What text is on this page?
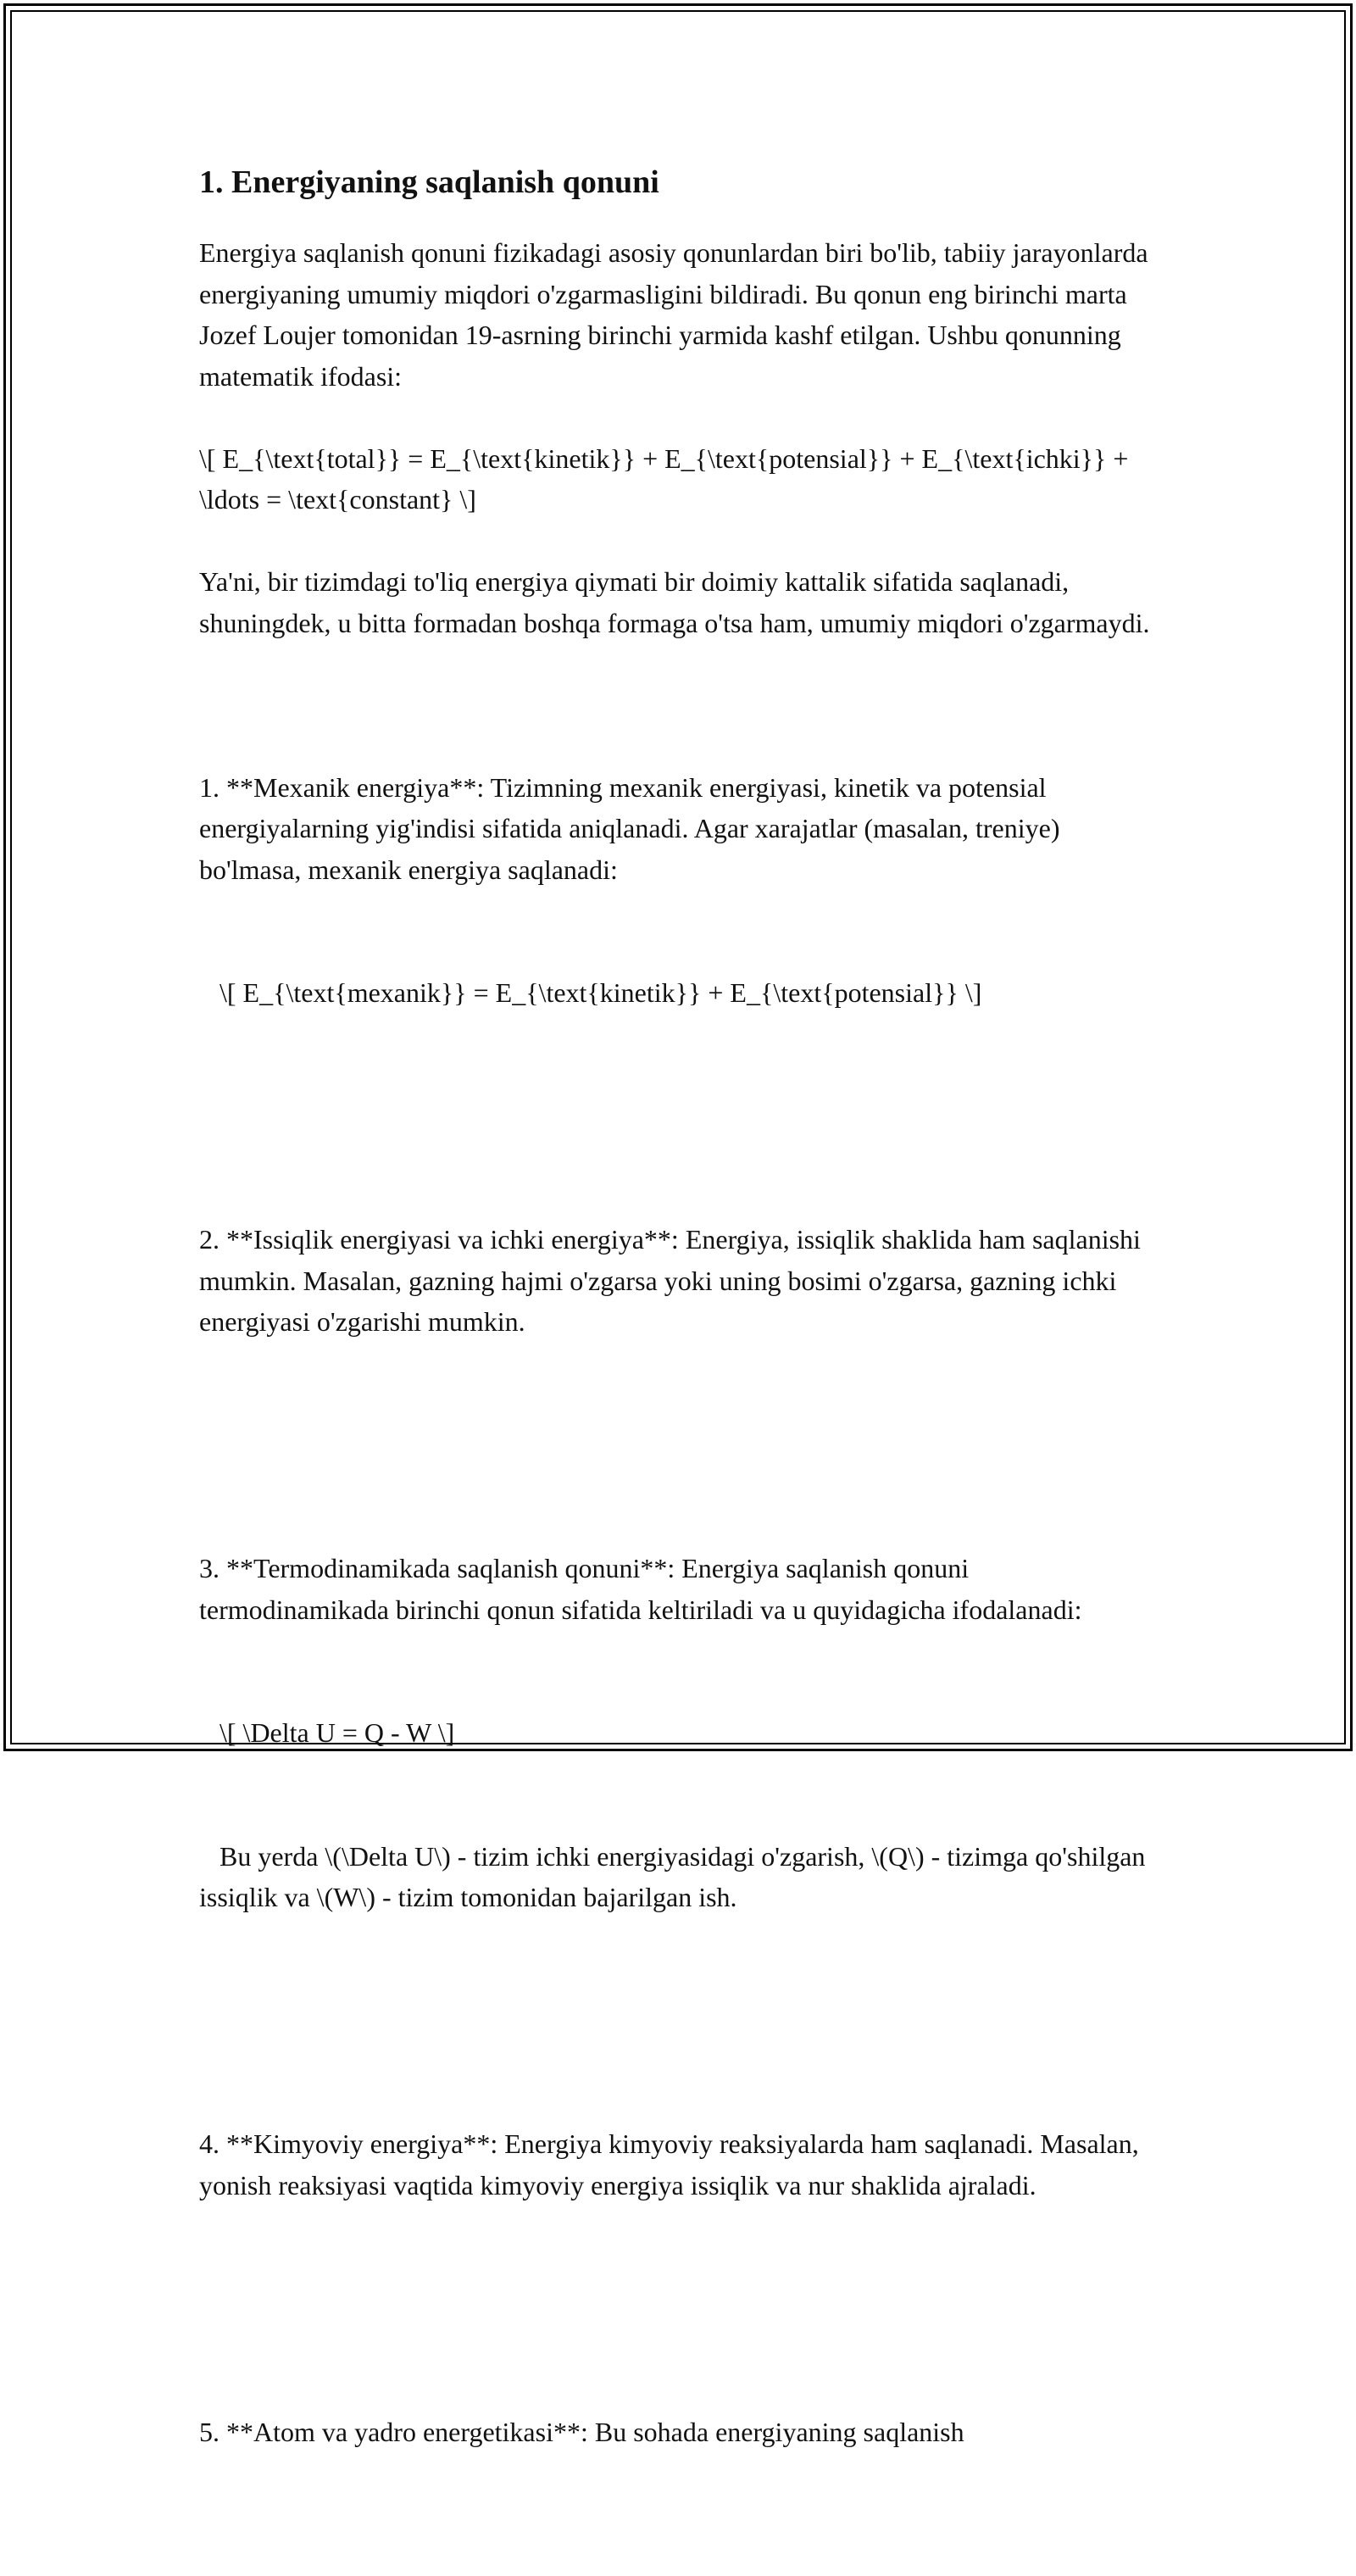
1. Energiyaning saqlanish qonuni

Energiya saqlanish qonuni fizikadagi asosiy qonunlardan biri bo'lib, tabiiy jarayonlarda energiyaning umumiy miqdori o'zgarmasligini bildiradi. Bu qonun eng birinchi marta Jozef Loujer tomonidan 19-asrning birinchi yarmida kashf etilgan. Ushbu qonunning matematik ifodasi:

\[ E_{\text{total}} = E_{\text{kinetik}} + E_{\text{potensial}} + E_{\text{ichki}} + \ldots = \text{constant} \]

Ya'ni, bir tizimdagi to'liq energiya qiymati bir doimiy kattalik sifatida saqlanadi, shuningdek, u bitta formadan boshqa formaga o'tsa ham, umumiy miqdori o'zgarmaydi.

1. **Mexanik energiya**: Tizimning mexanik energiyasi, kinetik va potensial energiyalarning yig'indisi sifatida aniqlanadi. Agar xarajatlar (masalan, treniye) bo'lmasa, mexanik energiya saqlanadi:

\[ E_{\text{mexanik}} = E_{\text{kinetik}} + E_{\text{potensial}} \]

2. **Issiqlik energiyasi va ichki energiya**: Energiya, issiqlik shaklida ham saqlanishi mumkin. Masalan, gazning hajmi o'zgarsa yoki uning bosimi o'zgarsa, gazning ichki energiyasi o'zgarishi mumkin.

3. **Termodinamikada saqlanish qonuni**: Energiya saqlanish qonuni termodinamikada birinchi qonun sifatida keltiriladi va u quyidagicha ifodalanadi:

\[ \Delta U = Q - W \]

Bu yerda \(\Delta U\) - tizim ichki energiyasidagi o'zgarish, \(Q\) - tizimga qo'shilgan issiqlik va \(W\) - tizim tomonidan bajarilgan ish.

4. **Kimyoviy energiya**: Energiya kimyoviy reaksiyalarda ham saqlanadi. Masalan, yonish reaksiyasi vaqtida kimyoviy energiya issiqlik va nur shaklida ajraladi.

5. **Atom va yadro energetikasi**: Bu sohada energiyaning saqlanish
